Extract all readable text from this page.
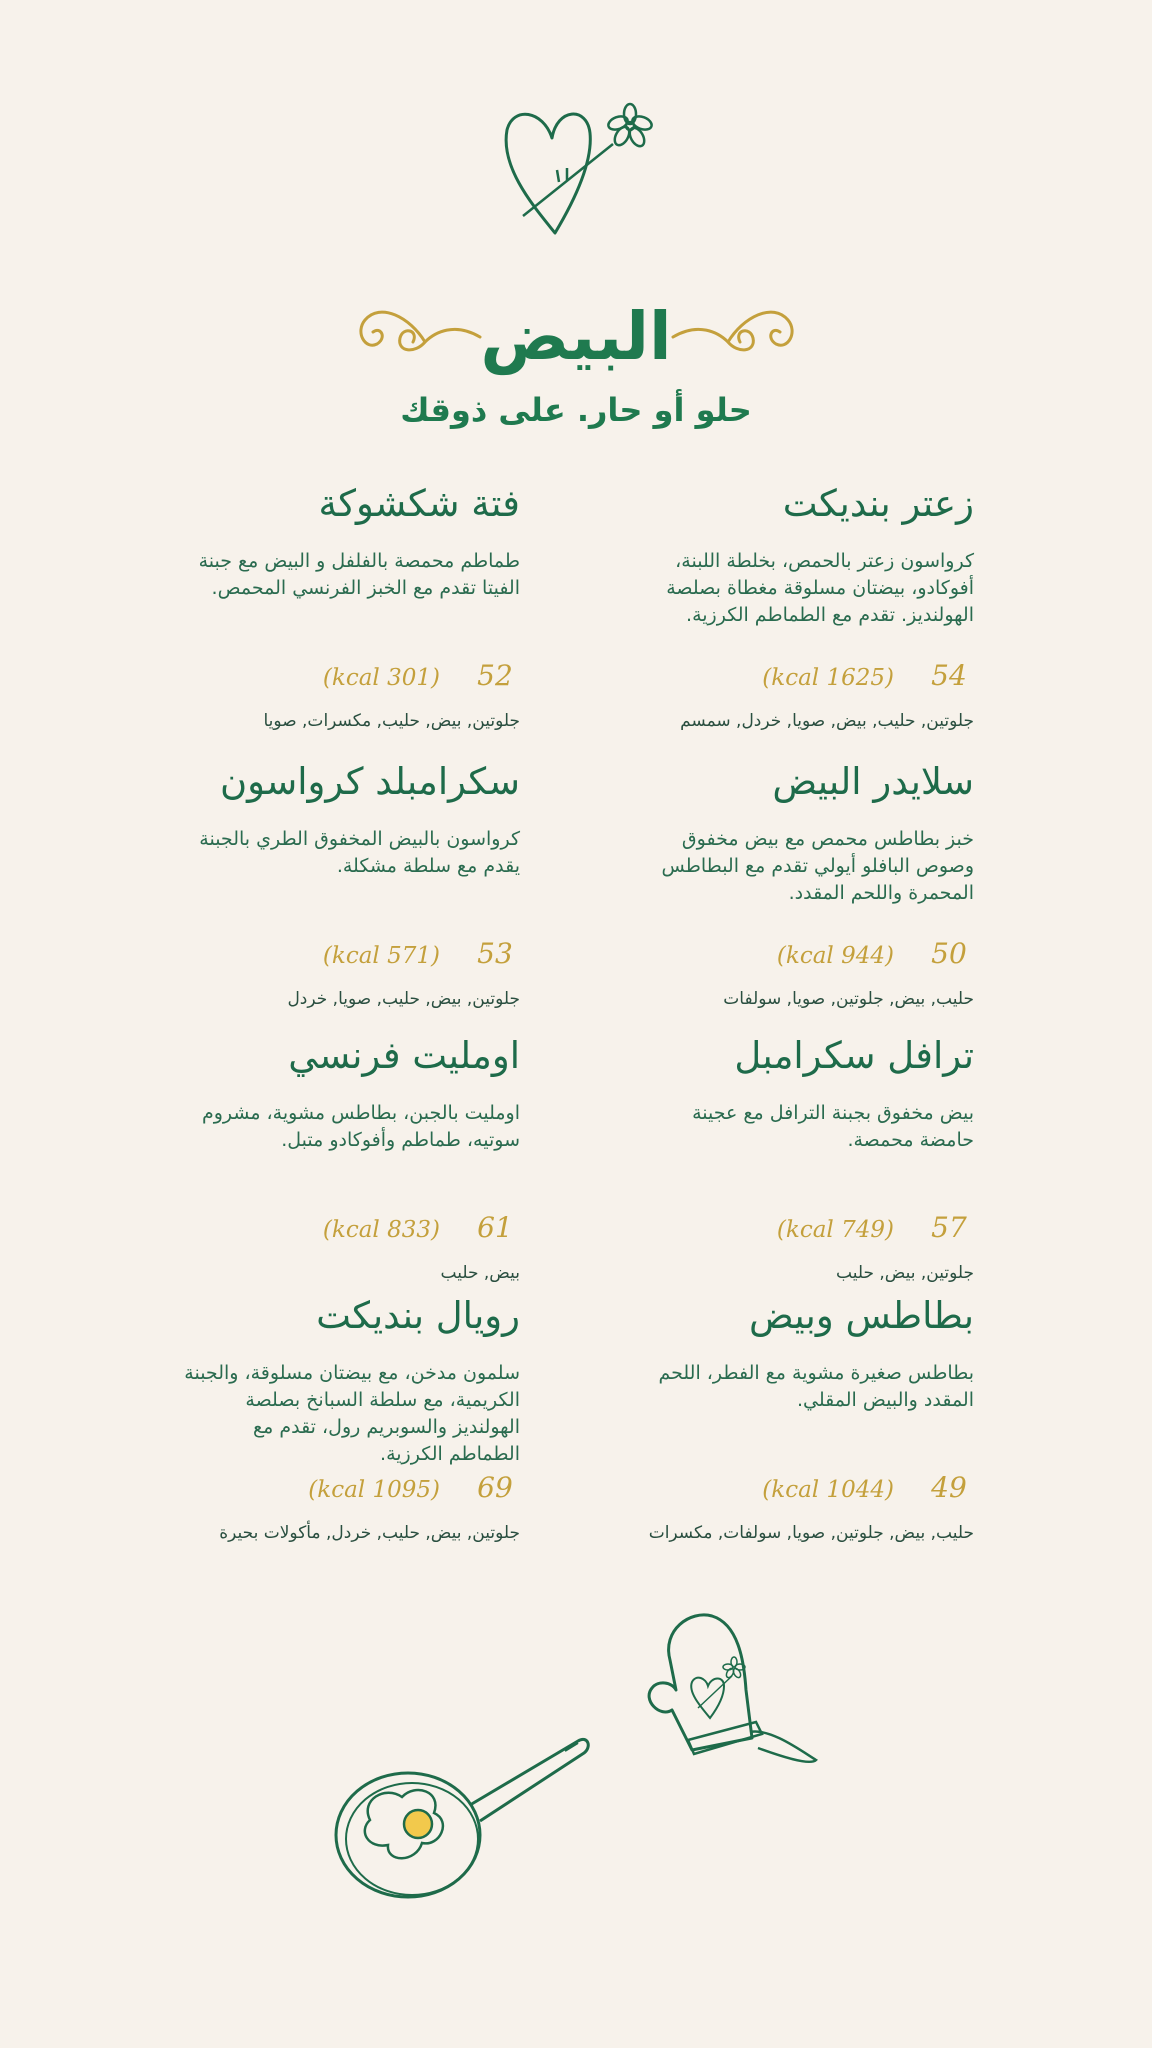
البيض
حلو أو حار. على ذوقك
زعتر بنديكت
كرواسون زعتر بالحمص، بخلطة اللبنة، أفوكادو، بيضتان مسلوقة مغطاة بصلصة الهولنديز. تقدم مع الطماطم الكرزية.
54
(1625 kcal)
جلوتين, حليب, بيض, صويا, خردل, سمسم
فتة شكشوكة
طماطم محمصة بالفلفل و البيض مع جبنة الفيتا تقدم مع الخبز الفرنسي المحمص.
52
(301 kcal)
جلوتين, بيض, حليب, مكسرات, صويا
سلايدر البيض
خبز بطاطس محمص مع بيض مخفوق وصوص البافلو أيولي تقدم مع البطاطس المحمرة واللحم المقدد.
50
(944 kcal)
حليب, بيض, جلوتين, صويا, سولفات
سكرامبلد كرواسون
كرواسون بالبيض المخفوق الطري بالجبنة يقدم مع سلطة مشكلة.
53
(571 kcal)
جلوتين, بيض, حليب, صويا, خردل
ترافل سكرامبل
بيض مخفوق بجبنة الترافل مع عجينة حامضة محمصة.
57
(749 kcal)
جلوتين, بيض, حليب
اومليت فرنسي
اومليت بالجبن، بطاطس مشوية، مشروم سوتيه، طماطم وأفوكادو متبل.
61
(833 kcal)
بيض, حليب
بطاطس وبيض
بطاطس صغيرة مشوية مع الفطر، اللحم المقدد والبيض المقلي.
49
(1044 kcal)
حليب, بيض, جلوتين, صويا, سولفات, مكسرات
رويال بنديكت
سلمون مدخن، مع بيضتان مسلوقة، والجبنة الكريمية، مع سلطة السبانخ بصلصة الهولنديز والسوبريم رول، تقدم مع الطماطم الكرزية.
69
(1095 kcal)
جلوتين, بيض, حليب, خردل, مأكولات بحيرة
